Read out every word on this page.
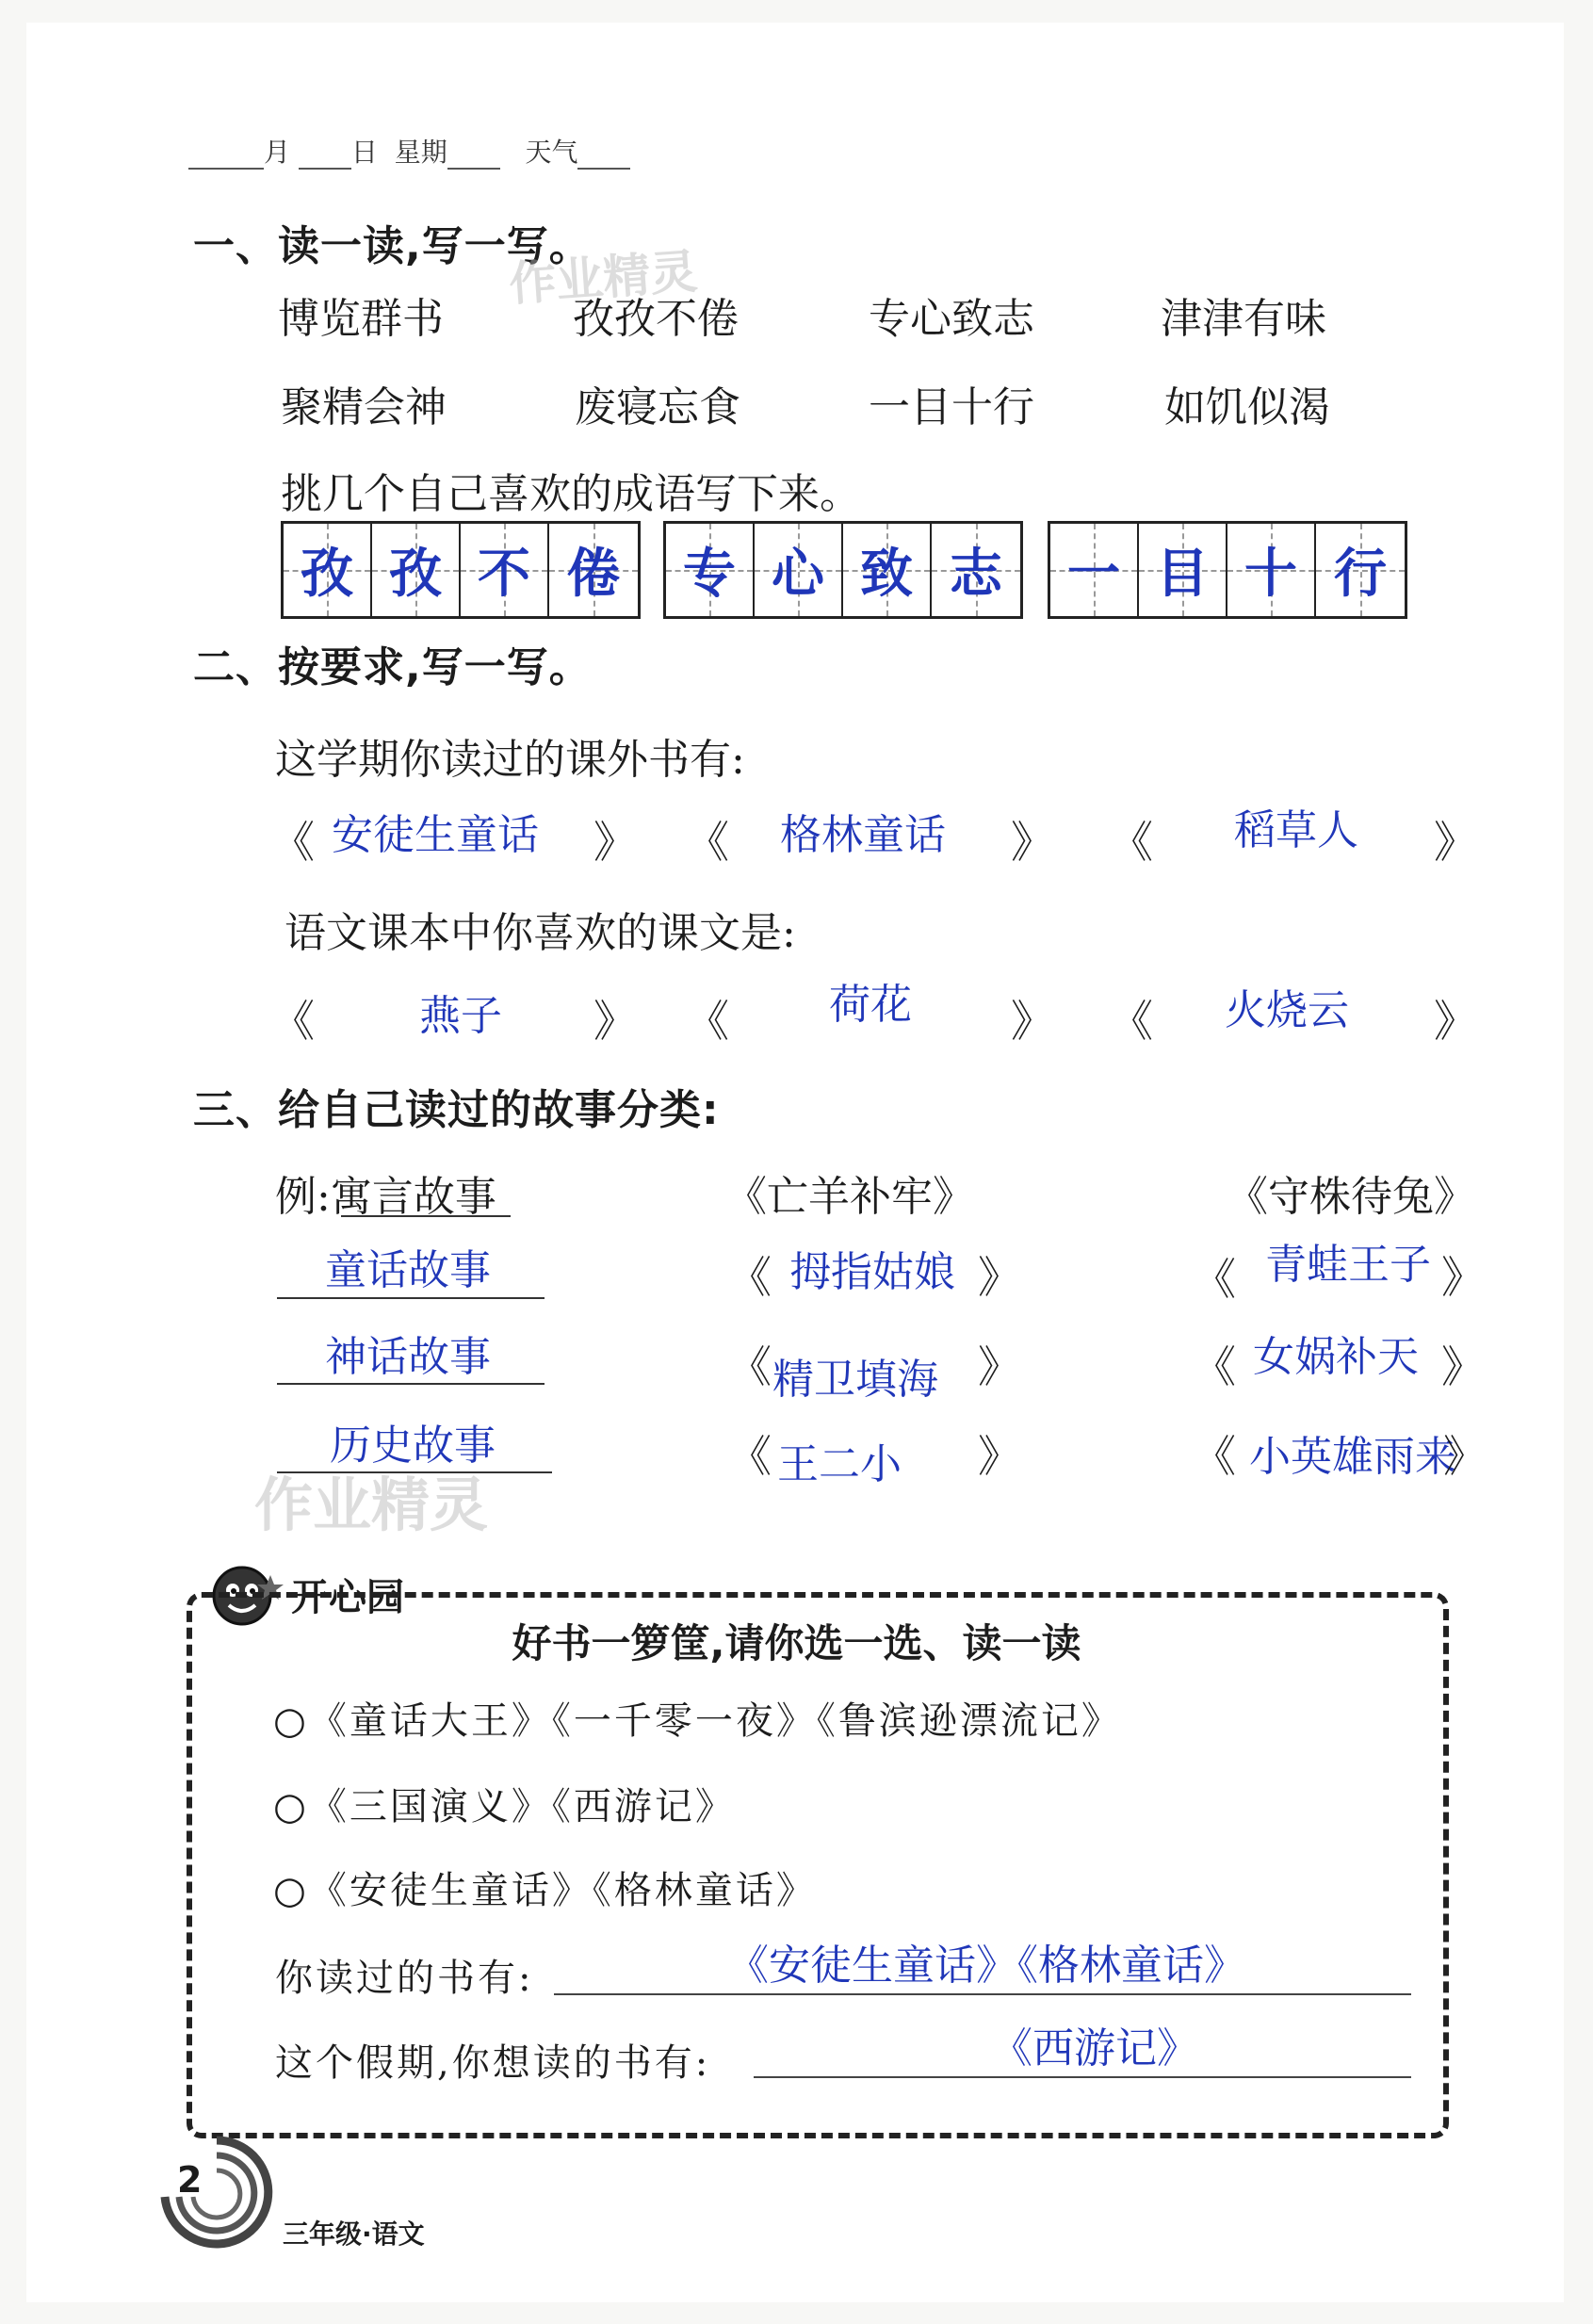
月 日 星期	天气
一、读一读,写一写。
作业精灵
博览群书	孜孜不倦	专心致志	津津有味
聚精会神	废寝忘食	一目十行	如饥似渴
挑几个自己喜欢的成语写下来。
孜 孜 不 倦	专 心 致 志	一 目 十 行
二、按要求,写一写。
这学期你读过的课外书有:
《 安徒生童话 》 《 格林童话 》 《 稻草人 》
语文课本中你喜欢的课文是:
《	燕子 》 《 荷花 》 《 火烧云 》
三、给自己读过的故事分类:
例:寓言故事	《亡羊补牢》	《守株待兔》
童话故事	《 拇指姑娘 》	《 青蛙王子 》
神话故事	《 精卫填海 》	《 女娲补天 》
历史故事	《 王二小 》	《 小英雄雨来
》
作业精灵
开心园
好书一箩筐,请你选一选、读一读
○《童话大王》《一千零一夜》《鲁滨逊漂流记》
○《三国演义》《西游记》
○《安徒生童话》《格林童话》
你读过的书有:	《安徒生童话》《格林童话》
这个假期,你想读的书有:	《西游记》
2
三年级·语文
